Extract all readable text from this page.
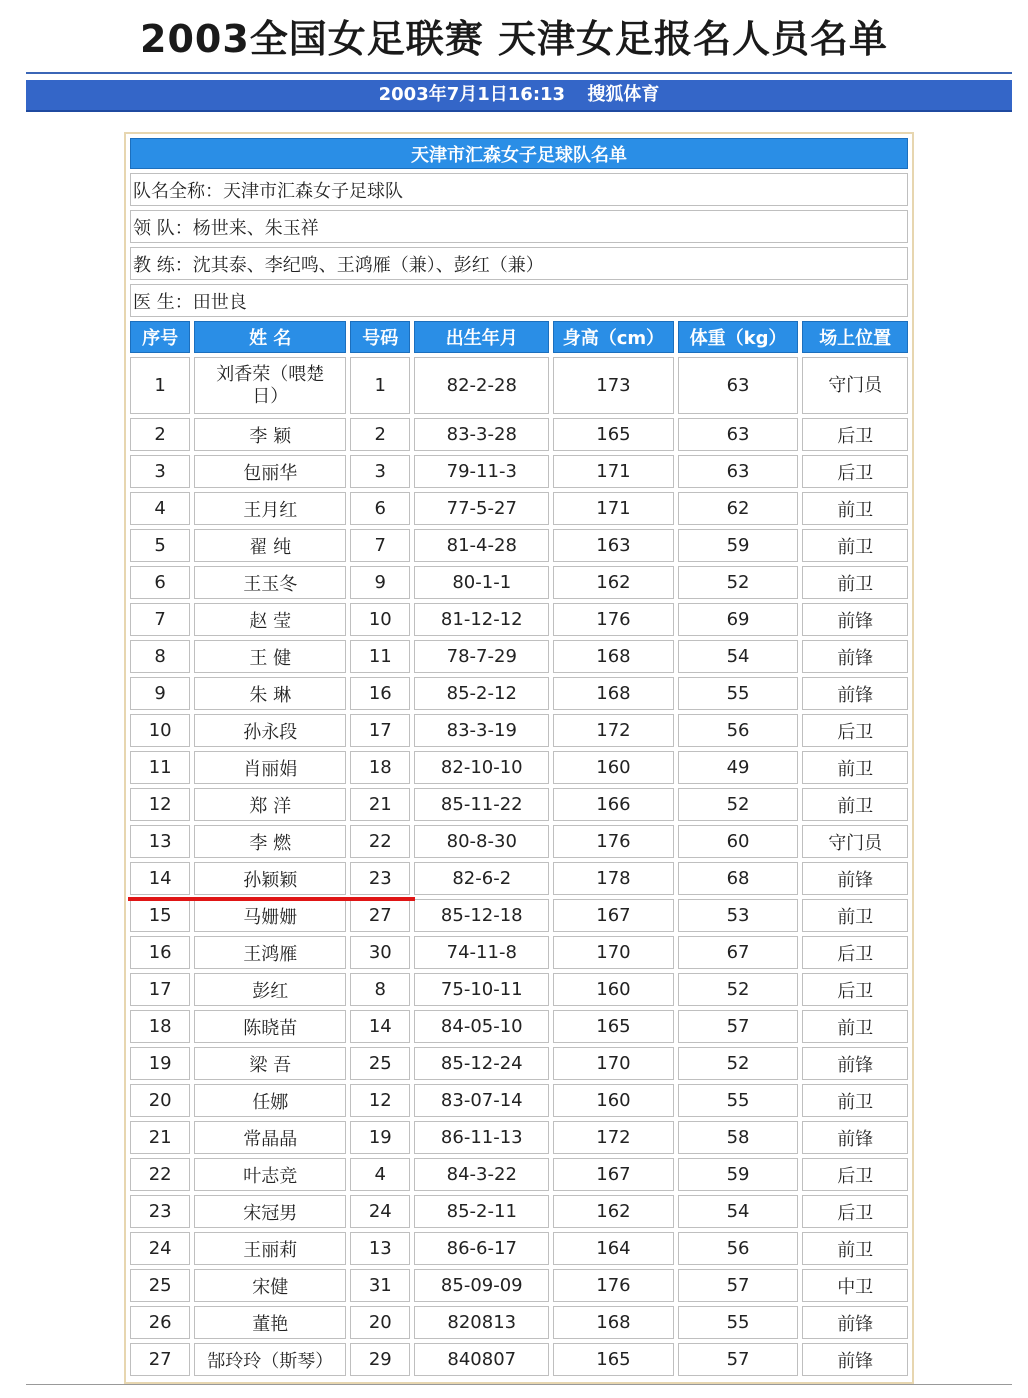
2003全国女足联赛 天津女足报名人员名单
2003年7月1日16:13 搜狐体育
天津市汇森女子足球队名单						
队名全称：天津市汇森女子足球队						
领 队：杨世来、朱玉祥						
教 练：沈其泰、李纪鸣、王鸿雁（兼）、彭红（兼）						
医 生：田世良						
序号	姓 名	号码	出生年月	身高（cm）	体重（kg）	场上位置
1	刘香荣（喂楚日）	1	82-2-28	173	63	守门员
2	李 颖	2	83-3-28	165	63	后卫
3	包丽华	3	79-11-3	171	63	后卫
4	王月红	6	77-5-27	171	62	前卫
5	翟 纯	7	81-4-28	163	59	前卫
6	王玉冬	9	80-1-1	162	52	前卫
7	赵 莹	10	81-12-12	176	69	前锋
8	王 健	11	78-7-29	168	54	前锋
9	朱 琳	16	85-2-12	168	55	前锋
10	孙永段	17	83-3-19	172	56	后卫
11	肖丽娟	18	82-10-10	160	49	前卫
12	郑 洋	21	85-11-22	166	52	前卫
13	李 燃	22	80-8-30	176	60	守门员
14	孙颖颖	23	82-6-2	178	68	前锋
15	马姗姗	27	85-12-18	167	53	前卫
16	王鸿雁	30	74-11-8	170	67	后卫
17	彭红	8	75-10-11	160	52	后卫
18	陈晓苗	14	84-05-10	165	57	前卫
19	梁 吾	25	85-12-24	170	52	前锋
20	任娜	12	83-07-14	160	55	前卫
21	常晶晶	19	86-11-13	172	58	前锋
22	叶志竞	4	84-3-22	167	59	后卫
23	宋冠男	24	85-2-11	162	54	后卫
24	王丽莉	13	86-6-17	164	56	前卫
25	宋健	31	85-09-09	176	57	中卫
26	董艳	20	820813	168	55	前锋
27	郜玲玲（斯琴）	29	840807	165	57	前锋
